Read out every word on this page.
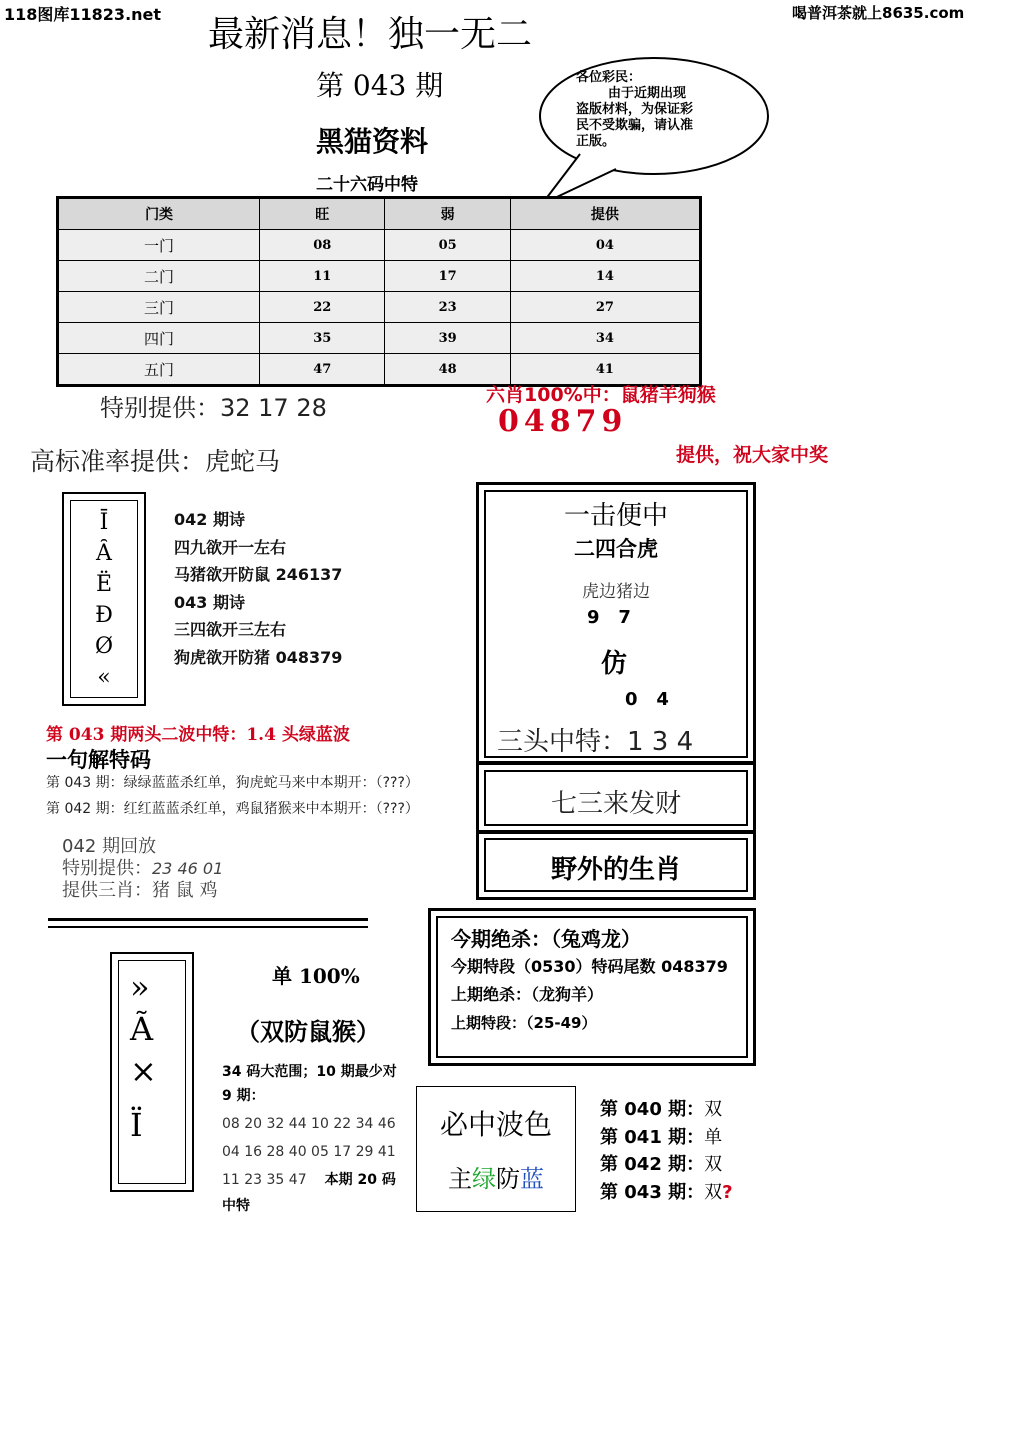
118图库11823.net 最新消息！独一无二
喝普洱茶就上8635.com
第 043 期
黑猫资料
二十六码中特
各位彩民：
由于近期出现
盗版材料，为保证彩
民不受欺骗，请认准
正版。
门类	旺	弱	提供
一门	08	05	04
二门	11	17	14
三门	22	23	27
四门	35	39	34
五门	47	48	41
特别提供：32 17 28
高标准率提供：虎蛇马
六肖100%中：鼠猪羊狗猴
04879
提供，祝大家中奖
Ī
Ȃ
Ë
Ð
Ø
«
042 期诗
四九欲开一左右
马猪欲开防鼠 246137
043 期诗
三四欲开三左右
狗虎欲开防猪 048379
一击便中
二四合虎
虎边猪边
9   7
仿
0   4
三头中特：1 3 4
七三来发财
野外的生肖
第 043 期两头二波中特：1.4 头绿蓝波
一句解特码
第 043 期：绿绿蓝蓝杀红单，狗虎蛇马来中本期开：（???）
第 042 期：红红蓝蓝杀红单，鸡鼠猪猴来中本期开：（???）
042 期回放
特别提供：23 46 01
提供三肖：猪 鼠 鸡
今期绝杀：（兔鸡龙）
今期特段（0530）特码尾数 048379
上期绝杀：（龙狗羊）
上期特段：（25-49）
»
Ã
⨯
Ï
单 100%
（双防鼠猴）
34 码大范围；10 期最少对
9 期：
08 20 32 44 10 22 34 46
04 16 28 40 05 17 29 41
11 23 35 47 本期 20 码
中特
必中波色
主绿防蓝
第 040 期：双
第 041 期：单
第 042 期：双
第 043 期：双?
